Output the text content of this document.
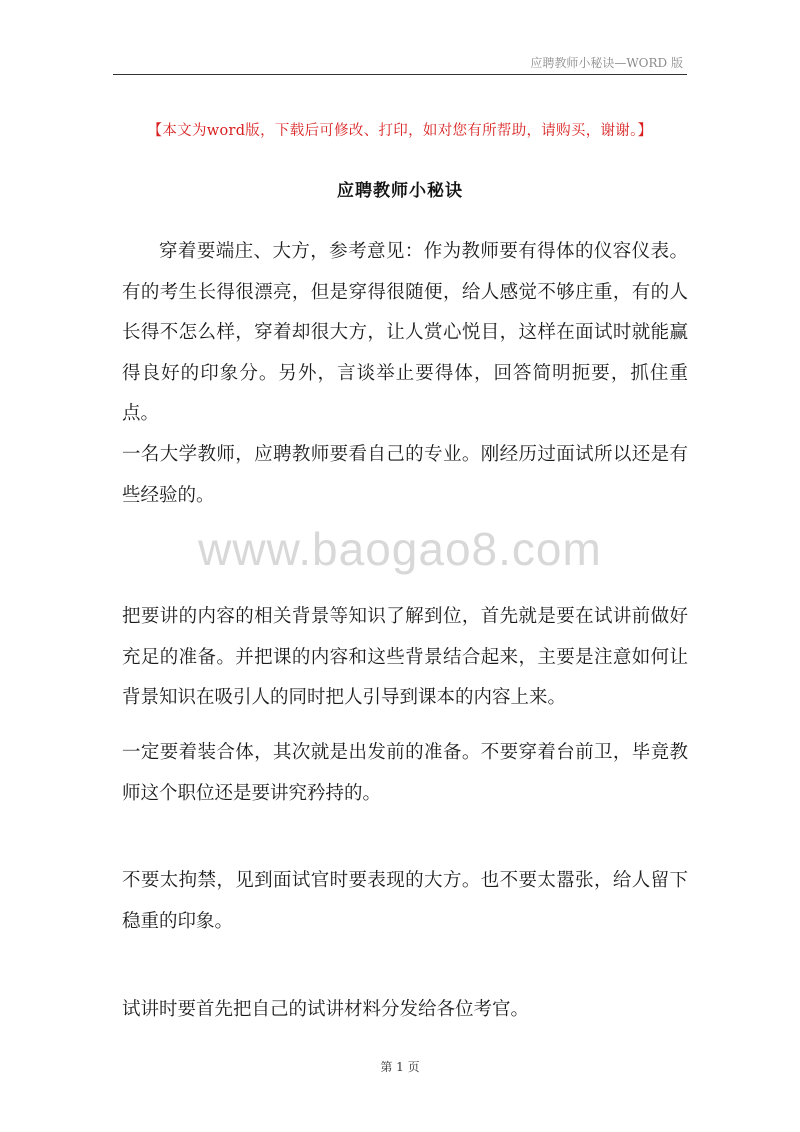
应聘教师小秘诀—WORD 版
【本文为word版，下载后可修改、打印，如对您有所帮助，请购买，谢谢。】
应聘教师小秘诀

穿着要端庄、大方，参考意见：作为教师要有得体的仪容仪表。有的考生长得很漂亮，但是穿得很随便，给人感觉不够庄重，有的人长得不怎么样，穿着却很大方，让人赏心悦目，这样在面试时就能赢得良好的印象分。另外，言谈举止要得体，回答简明扼要，抓住重点。

一名大学教师，应聘教师要看自己的专业。刚经历过面试所以还是有些经验的。

把要讲的内容的相关背景等知识了解到位，首先就是要在试讲前做好充足的准备。并把课的内容和这些背景结合起来，主要是注意如何让背景知识在吸引人的同时把人引导到课本的内容上来。

一定要着装合体，其次就是出发前的准备。不要穿着台前卫，毕竟教师这个职位还是要讲究矜持的。

不要太拘禁，见到面试官时要表现的大方。也不要太嚣张，给人留下稳重的印象。

试讲时要首先把自己的试讲材料分发给各位考官。

www.baogao8.com
第 1 页
